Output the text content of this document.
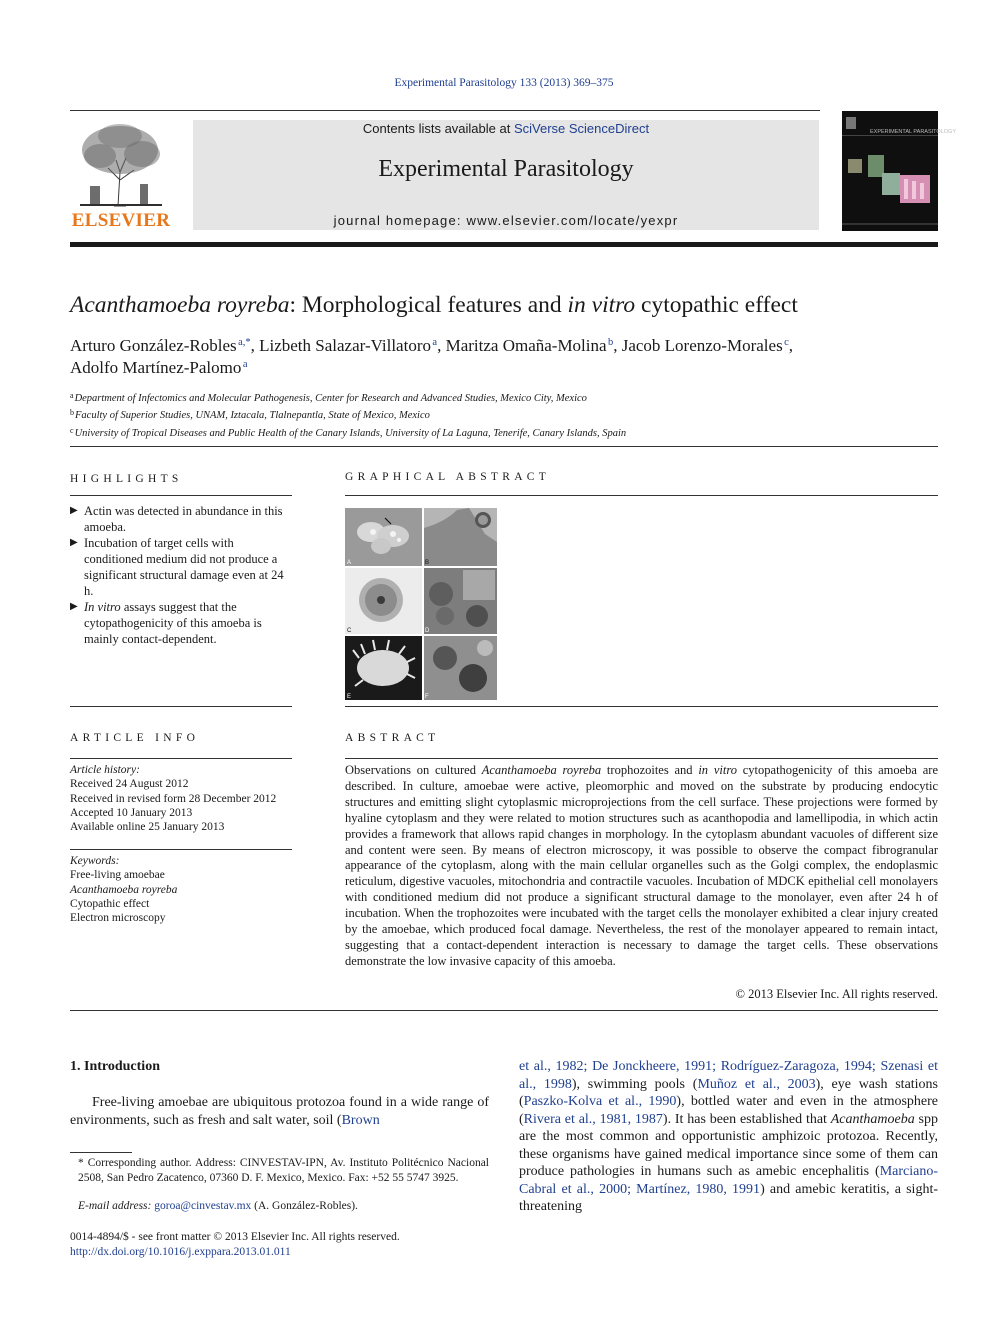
Experimental Parasitology 133 (2013) 369–375
ELSEVIER
Contents lists available at SciVerse ScienceDirect
Experimental Parasitology
journal homepage: www.elsevier.com/locate/yexpr
EXPERIMENTAL PARASITOLOGY
Acanthamoeba royreba: Morphological features and in vitro cytopathic effect
Arturo González-Robles $^{a,*}$, Lizbeth Salazar-Villatoro $^a$, Maritza Omaña-Molina $^b$, Jacob Lorenzo-Morales $^c$,
Adolfo Martínez-Palomo $^a$
$^a$Department of Infectomics and Molecular Pathogenesis, Center for Research and Advanced Studies, Mexico City, Mexico
$^b$Faculty of Superior Studies, UNAM, Iztacala, Tlalnepantla, State of Mexico, Mexico
$^c$University of Tropical Diseases and Public Health of the Canary Islands, University of La Laguna, Tenerife, Canary Islands, Spain
HIGHLIGHTS
▶ Actin was detected in abundance in this amoeba.
▶ Incubation of target cells with conditioned medium did not produce a significant structural damage even at 24 h.
▶ In vitro assays suggest that the cytopathogenicity of this amoeba is mainly contact-dependent.
GRAPHICAL ABSTRACT
A	B
C	D
E	F
ARTICLE INFO
Article history:
Received 24 August 2012
Received in revised form 28 December 2012
Accepted 10 January 2013
Available online 25 January 2013
Keywords:
Free-living amoebae
Acanthamoeba royreba
Cytopathic effect
Electron microscopy
ABSTRACT
Observations on cultured Acanthamoeba royreba trophozoites and in vitro cytopathogenicity of this amoeba are described. In culture, amoebae were active, pleomorphic and moved on the substrate by producing endocytic structures and emitting slight cytoplasmic microprojections from the cell surface. These projections were formed by hyaline cytoplasm and they were related to motion structures such as acanthopodia and lamellipodia, in which actin provides a framework that allows rapid changes in morphology. In the cytoplasm abundant vacuoles of different size and content were seen. By means of electron microscopy, it was possible to observe the compact fibrogranular appearance of the cytoplasm, along with the main cellular organelles such as the Golgi complex, the endoplasmic reticulum, digestive vacuoles, mitochondria and contractile vacuoles. Incubation of MDCK epithelial cell monolayers with conditioned medium did not produce a significant structural damage to the monolayer, even after 24 h of incubation. When the trophozoites were incubated with the target cells the monolayer exhibited a clear injury created by the amoebae, which produced focal damage. Nevertheless, the rest of the monolayer appeared to remain intact, suggesting that a contact-dependent interaction is necessary to damage the target cells. These observations demonstrate the low invasive capacity of this amoeba.
© 2013 Elsevier Inc. All rights reserved.
1. Introduction
Free-living amoebae are ubiquitous protozoa found in a wide range of environments, such as fresh and salt water, soil (Brown
et al., 1982; De Jonckheere, 1991; Rodríguez-Zaragoza, 1994; Szenasi et al., 1998), swimming pools (Muñoz et al., 2003), eye wash stations (Paszko-Kolva et al., 1990), bottled water and even in the atmosphere (Rivera et al., 1981, 1987). It has been established that Acanthamoeba spp are the most common and opportunistic amphizoic protozoa. Recently, these organisms have gained medical importance since some of them can produce pathologies in humans such as amebic encephalitis (Marciano-Cabral et al., 2000; Martínez, 1980, 1991) and amebic keratitis, a sight-threatening
* Corresponding author. Address: CINVESTAV-IPN, Av. Instituto Politécnico Nacional 2508, San Pedro Zacatenco, 07360 D. F. Mexico, Mexico. Fax: +52 55 5747 3925.
E-mail address: goroa@cinvestav.mx (A. González-Robles).
0014-4894/$ - see front matter © 2013 Elsevier Inc. All rights reserved.
http://dx.doi.org/10.1016/j.exppara.2013.01.011
